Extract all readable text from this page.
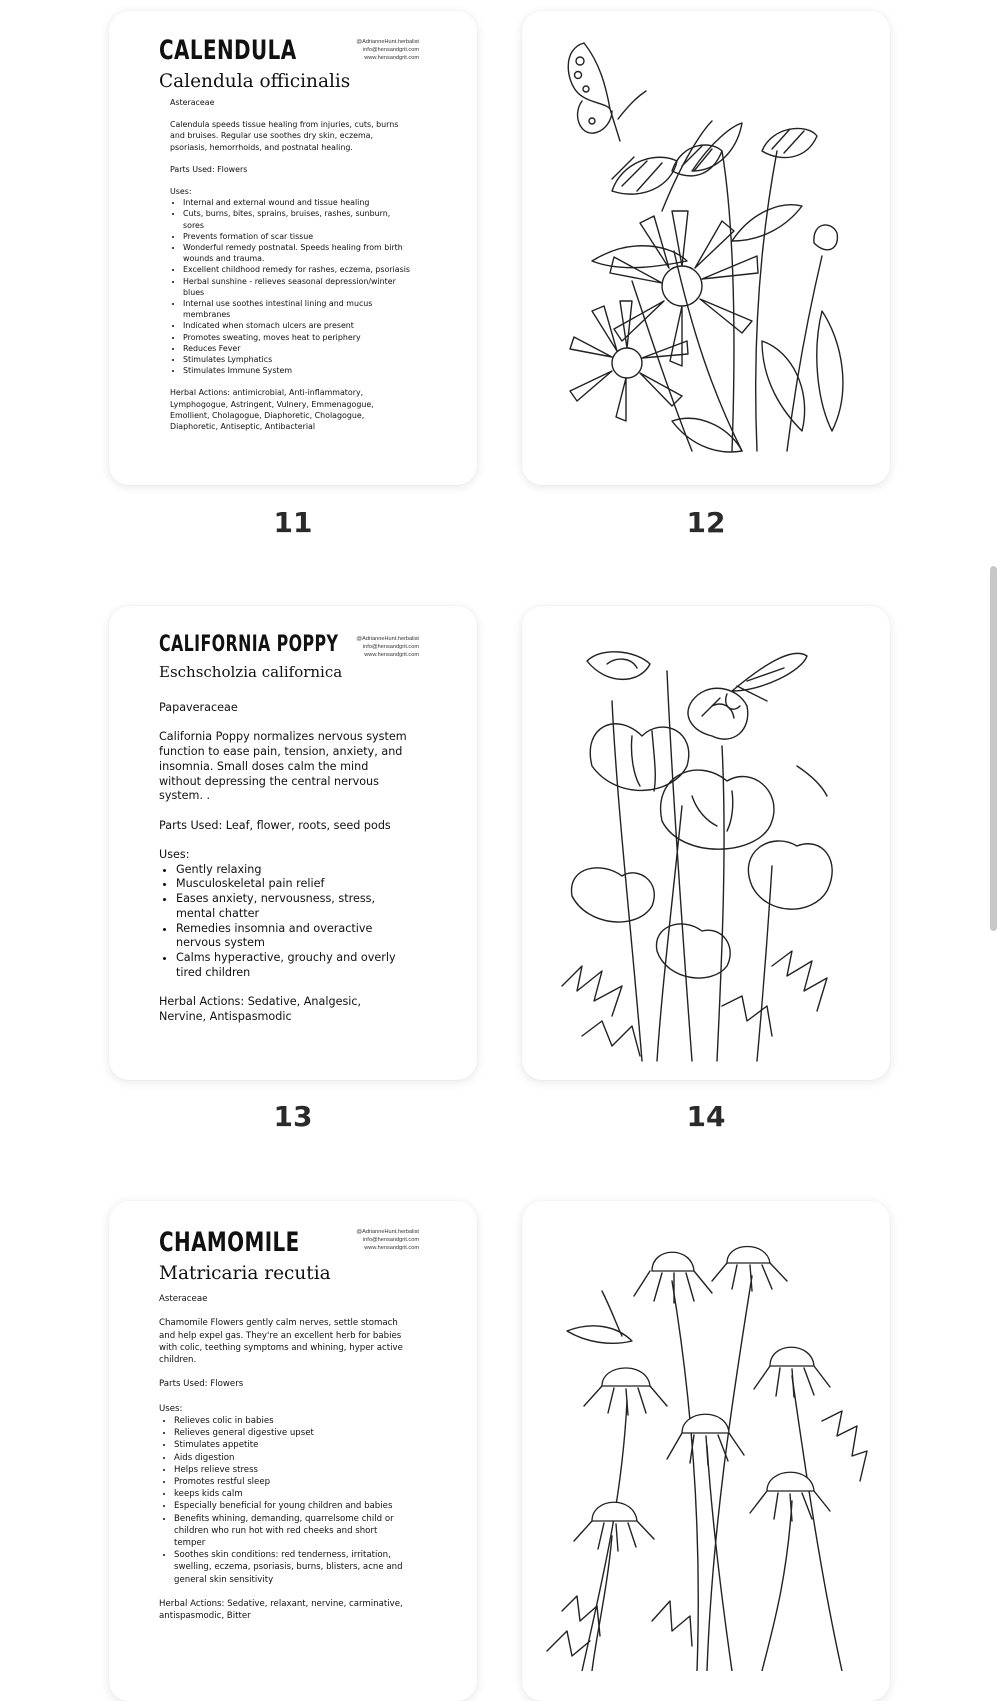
CALENDULA	@AdrianneHunt.herbalist
info@hensandgrit.com
www.hensandgrit.com
Calendula officinalis

Asteraceae

Calendula speeds tissue healing from injuries, cuts, burns and bruises. Regular use soothes dry skin, eczema, psoriasis, hemorrhoids, and postnatal healing.

Parts Used: Flowers

Uses:

• Internal and external wound and tissue healing
• Cuts, burns, bites, sprains, bruises, rashes, sunburn, sores
• Prevents formation of scar tissue
• Wonderful remedy postnatal. Speeds healing from birth wounds and trauma.
• Excellent childhood remedy for rashes, eczema, psoriasis
• Herbal sunshine - relieves seasonal depression/winter blues
• Internal use soothes intestinal lining and mucus membranes
• Indicated when stomach ulcers are present
• Promotes sweating, moves heat to periphery
• Reduces Fever
• Stimulates Lymphatics
• Stimulates Immune System

Herbal Actions: antimicrobial, Anti-inflammatory, Lymphogogue, Astringent, Vulnery, Emmenagogue, Emollient, Cholagogue, Diaphoretic, Cholagogue, Diaphoretic, Antiseptic, Antibacterial

11	12
CALIFORNIA POPPY	@AdrianneHunt.herbalist
info@hensandgrit.com
www.hensandgrit.com
Eschscholzia californica

Papaveraceae

California Poppy normalizes nervous system function to ease pain, tension, anxiety, and insomnia. Small doses calm the mind without depressing the central nervous system. .

Parts Used: Leaf, flower, roots, seed pods

Uses:

• Gently relaxing
• Musculoskeletal pain relief
• Eases anxiety, nervousness, stress, mental chatter
• Remedies insomnia and overactive nervous system
• Calms hyperactive, grouchy and overly tired children

Herbal Actions: Sedative, Analgesic, Nervine, Antispasmodic

13	14
CHAMOMILE	@AdrianneHunt.herbalist
info@hensandgrit.com
www.hensandgrit.com
Matricaria recutia

Asteraceae

Chamomile Flowers gently calm nerves, settle stomach and help expel gas. They're an excellent herb for babies with colic, teething symptoms and whining, hyper active children.

Parts Used: Flowers

Uses:

• Relieves colic in babies
• Relieves general digestive upset
• Stimulates appetite
• Aids digestion
• Helps relieve stress
• Promotes restful sleep
• keeps kids calm
• Especially beneficial for young children and babies
• Benefits whining, demanding, quarrelsome child or children who run hot with red cheeks and short temper
• Soothes skin conditions: red tenderness, irritation, swelling, eczema, psoriasis, burns, blisters, acne and general skin sensitivity

Herbal Actions: Sedative, relaxant, nervine, carminative, antispasmodic, Bitter
